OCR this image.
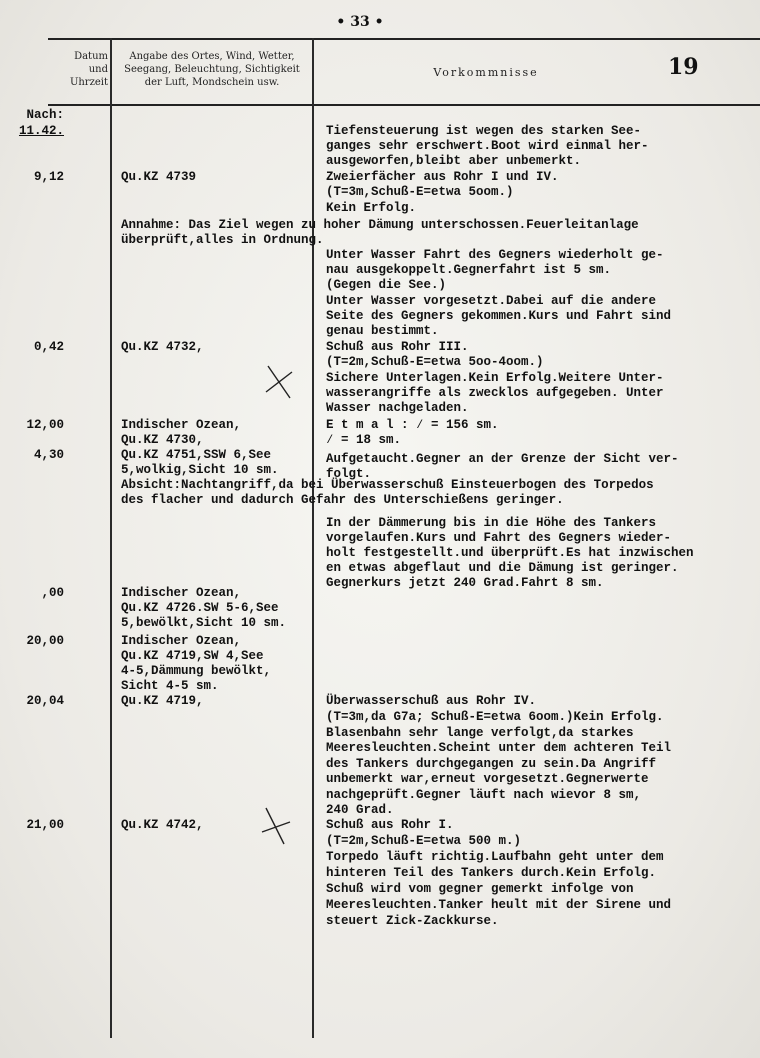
• 33 •
Datum
und
Uhrzeit
Angabe des Ortes, Wind, Wetter,
Seegang, Beleuchtung, Sichtigkeit
der Luft, Mondschein usw.
Vorkommnisse	19
Nach:
11.42.
9,12
0,42
12,00
4,30
,00
20,00
20,04
21,00
Qu.KZ 4739
Qu.KZ 4732,
Indischer Ozean,
Qu.KZ 4730,
Qu.KZ 4751,SSW 6,See
5,wolkig,Sicht 10 sm.
Indischer Ozean,
Qu.KZ 4726.SW 5-6,See
5,bewölkt,Sicht 10 sm.
Indischer Ozean,
Qu.KZ 4719,SW 4,See
4-5,Dämmung bewölkt,
Sicht 4-5 sm.
Qu.KZ 4719,
Qu.KZ 4742,
Annahme: Das Ziel wegen zu hoher Dämung unterschossen.Feuerleitanlage
überprüft,alles in Ordnung.
Absicht:Nachtangriff,da bei Überwasserschuß Einsteuerbogen des Torpedos
des flacher und dadurch Gefahr des Unterschießens geringer.
Tiefensteuerung ist wegen des starken See-
ganges sehr erschwert.Boot wird einmal her-
ausgeworfen,bleibt aber unbemerkt.
Zweierfächer aus Rohr I und IV.
(T=3m,Schuß-E=etwa 5oom.)
Kein Erfolg.
Unter Wasser Fahrt des Gegners wiederholt ge-
nau ausgekoppelt.Gegnerfahrt ist 5 sm.
(Gegen die See.)
Unter Wasser vorgesetzt.Dabei auf die andere
Seite des Gegners gekommen.Kurs und Fahrt sind
genau bestimmt.
Schuß aus Rohr III.
(T=2m,Schuß-E=etwa 5oo-4oom.)
Sichere Unterlagen.Kein Erfolg.Weitere Unter-
wasserangriffe als zwecklos aufgegeben. Unter
Wasser nachgeladen.
E t m a l : ⁄ = 156 sm.
⁄ = 18 sm.
Aufgetaucht.Gegner an der Grenze der Sicht ver-
folgt.
In der Dämmerung bis in die Höhe des Tankers
vorgelaufen.Kurs und Fahrt des Gegners wieder-
holt festgestellt.und überprüft.Es hat inzwischen
en etwas abgeflaut und die Dämung ist geringer.
Gegnerkurs jetzt 240 Grad.Fahrt 8 sm.
Überwasserschuß aus Rohr IV.
(T=3m,da G7a; Schuß-E=etwa 6oom.)Kein Erfolg.
Blasenbahn sehr lange verfolgt,da starkes
Meeresleuchten.Scheint unter dem achteren Teil
des Tankers durchgegangen zu sein.Da Angriff
unbemerkt war,erneut vorgesetzt.Gegnerwerte
nachgeprüft.Gegner läuft nach wievor 8 sm,
240 Grad.
Schuß aus Rohr I.
(T=2m,Schuß-E=etwa 500 m.)
Torpedo läuft richtig.Laufbahn geht unter dem
hinteren Teil des Tankers durch.Kein Erfolg.
Schuß wird vom gegner gemerkt infolge von
Meeresleuchten.Tanker heult mit der Sirene und
steuert Zick-Zackkurse.
